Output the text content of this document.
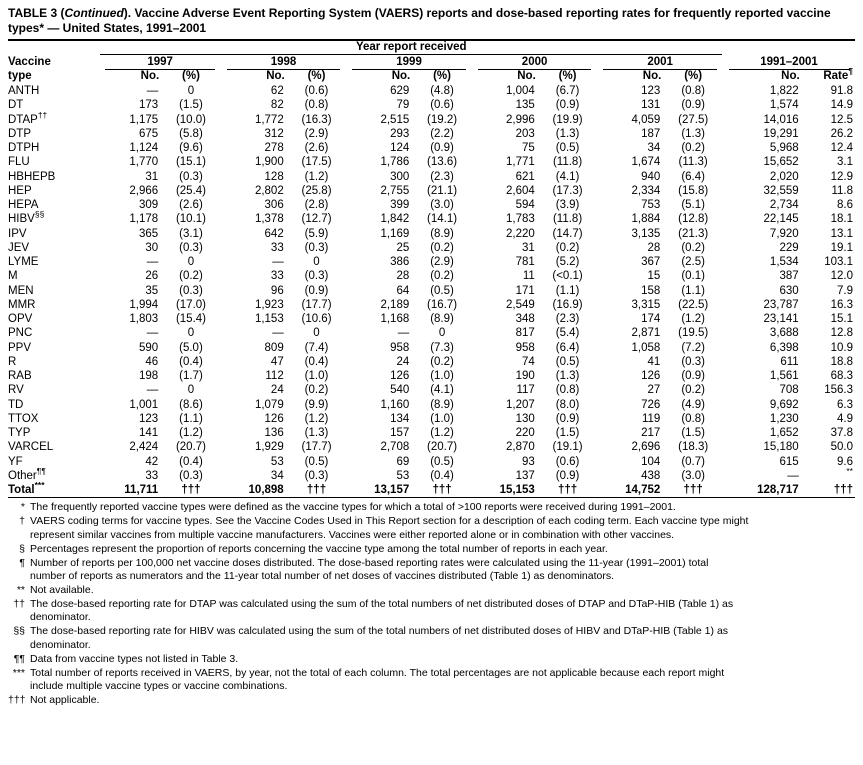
TABLE 3 (Continued). Vaccine Adverse Event Reporting System (VAERS) reports and dose-based reporting rates for frequently reported vaccine types* — United States, 1991–2001

	Year report received											

Vaccine	1997		1998		1999		2000		2001		1991–2001	

type	No.	(%)	No.	(%)	No.	(%)	No.	(%)	No.	(%)	No.	Rate¶
ANTH	—	0	62	(0.6)	629	(4.8)	1,004	(6.7)	123	(0.8)	1,822	91.8
DT	173	(1.5)	82	(0.8)	79	(0.6)	135	(0.9)	131	(0.9)	1,574	14.9
DTAP††	1,175	(10.0)	1,772	(16.3)	2,515	(19.2)	2,996	(19.9)	4,059	(27.5)	14,016	12.5
DTP	675	(5.8)	312	(2.9)	293	(2.2)	203	(1.3)	187	(1.3)	19,291	26.2
DTPH	1,124	(9.6)	278	(2.6)	124	(0.9)	75	(0.5)	34	(0.2)	5,968	12.4
FLU	1,770	(15.1)	1,900	(17.5)	1,786	(13.6)	1,771	(11.8)	1,674	(11.3)	15,652	3.1
HBHEPB	31	(0.3)	128	(1.2)	300	(2.3)	621	(4.1)	940	(6.4)	2,020	12.9
HEP	2,966	(25.4)	2,802	(25.8)	2,755	(21.1)	2,604	(17.3)	2,334	(15.8)	32,559	11.8
HEPA	309	(2.6)	306	(2.8)	399	(3.0)	594	(3.9)	753	(5.1)	2,734	8.6
HIBV§§	1,178	(10.1)	1,378	(12.7)	1,842	(14.1)	1,783	(11.8)	1,884	(12.8)	22,145	18.1
IPV	365	(3.1)	642	(5.9)	1,169	(8.9)	2,220	(14.7)	3,135	(21.3)	7,920	13.1
JEV	30	(0.3)	33	(0.3)	25	(0.2)	31	(0.2)	28	(0.2)	229	19.1
LYME	—	0	—	0	386	(2.9)	781	(5.2)	367	(2.5)	1,534	103.1
M	26	(0.2)	33	(0.3)	28	(0.2)	11	(<0.1)	15	(0.1)	387	12.0
MEN	35	(0.3)	96	(0.9)	64	(0.5)	171	(1.1)	158	(1.1)	630	7.9
MMR	1,994	(17.0)	1,923	(17.7)	2,189	(16.7)	2,549	(16.9)	3,315	(22.5)	23,787	16.3
OPV	1,803	(15.4)	1,153	(10.6)	1,168	(8.9)	348	(2.3)	174	(1.2)	23,141	15.1
PNC	—	0	—	0	—	0	817	(5.4)	2,871	(19.5)	3,688	12.8
PPV	590	(5.0)	809	(7.4)	958	(7.3)	958	(6.4)	1,058	(7.2)	6,398	10.9
R	46	(0.4)	47	(0.4)	24	(0.2)	74	(0.5)	41	(0.3)	611	18.8
RAB	198	(1.7)	112	(1.0)	126	(1.0)	190	(1.3)	126	(0.9)	1,561	68.3
RV	—	0	24	(0.2)	540	(4.1)	117	(0.8)	27	(0.2)	708	156.3
TD	1,001	(8.6)	1,079	(9.9)	1,160	(8.9)	1,207	(8.0)	726	(4.9)	9,692	6.3
TTOX	123	(1.1)	126	(1.2)	134	(1.0)	130	(0.9)	119	(0.8)	1,230	4.9
TYP	141	(1.2)	136	(1.3)	157	(1.2)	220	(1.5)	217	(1.5)	1,652	37.8
VARCEL	2,424	(20.7)	1,929	(17.7)	2,708	(20.7)	2,870	(19.1)	2,696	(18.3)	15,180	50.0
YF	42	(0.4)	53	(0.5)	69	(0.5)	93	(0.6)	104	(0.7)	615	9.6
Other¶¶	33	(0.3)	34	(0.3)	53	(0.4)	137	(0.9)	438	(3.0)	—	**
Total***	11,711	†††	10,898	†††	13,157	†††	15,153	†††	14,752	†††	128,717	†††
* The frequently reported vaccine types were defined as the vaccine types for which a total of >100 reports were received during 1991–2001.
† VAERS coding terms for vaccine types. See the Vaccine Codes Used in This Report section for a description of each coding term. Each vaccine type might
represent similar vaccines from multiple vaccine manufacturers. Vaccines were either reported alone or in combination with other vaccines.
§ Percentages represent the proportion of reports concerning the vaccine type among the total number of reports in each year.
¶ Number of reports per 100,000 net vaccine doses distributed. The dose-based reporting rates were calculated using the 11-year (1991–2001) total
number of reports as numerators and the 11-year total number of net doses of vaccines distributed (Table 1) as denominators.
** Not available.
†† The dose-based reporting rate for DTAP was calculated using the sum of the total numbers of net distributed doses of DTAP and DTaP-HIB (Table 1) as
denominator.
§§ The dose-based reporting rate for HIBV was calculated using the sum of the total numbers of net distributed doses of HIBV and DTaP-HIB (Table 1) as
denominator.
¶¶ Data from vaccine types not listed in Table 3.
*** Total number of reports received in VAERS, by year, not the total of each column. The total percentages are not applicable because each report might
include multiple vaccine types or vaccine combinations.
††† Not applicable.
